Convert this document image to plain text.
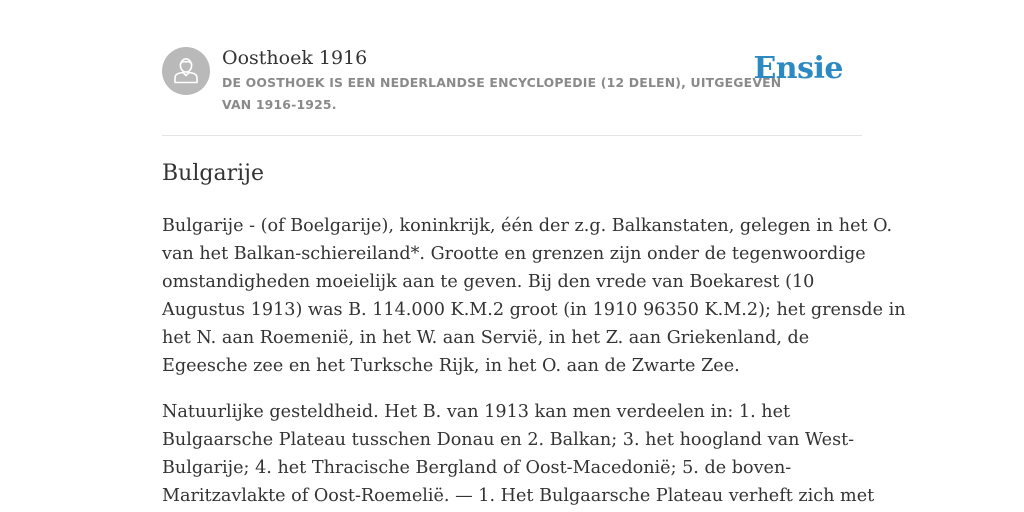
Oosthoek 1916
DE OOSTHOEK IS EEN NEDERLANDSE ENCYCLOPEDIE (12 DELEN), UITGEGEVEN
VAN 1916-1925.
Ensie
Bulgarije

Bulgarije - (of Boelgarije), koninkrijk, één der z.g. Balkanstaten, gelegen in het O.
van het Balkan-schiereiland*. Grootte en grenzen zijn onder de tegenwoordige
omstandigheden moeielijk aan te geven. Bij den vrede van Boekarest (10
Augustus 1913) was B. 114.000 K.M.2 groot (in 1910 96350 K.M.2); het grensde in
het N. aan Roemenië, in het W. aan Servië, in het Z. aan Griekenland, de
Egeesche zee en het Turksche Rijk, in het O. aan de Zwarte Zee.

Natuurlijke gesteldheid. Het B. van 1913 kan men verdeelen in: 1. het
Bulgaarsche Plateau tusschen Donau en 2. Balkan; 3. het hoogland van West-
Bulgarije; 4. het Thracische Bergland of Oost-Macedonië; 5. de boven-
Maritzavlakte of Oost-Roemelië. — 1. Het Bulgaarsche Plateau verheft zich met
